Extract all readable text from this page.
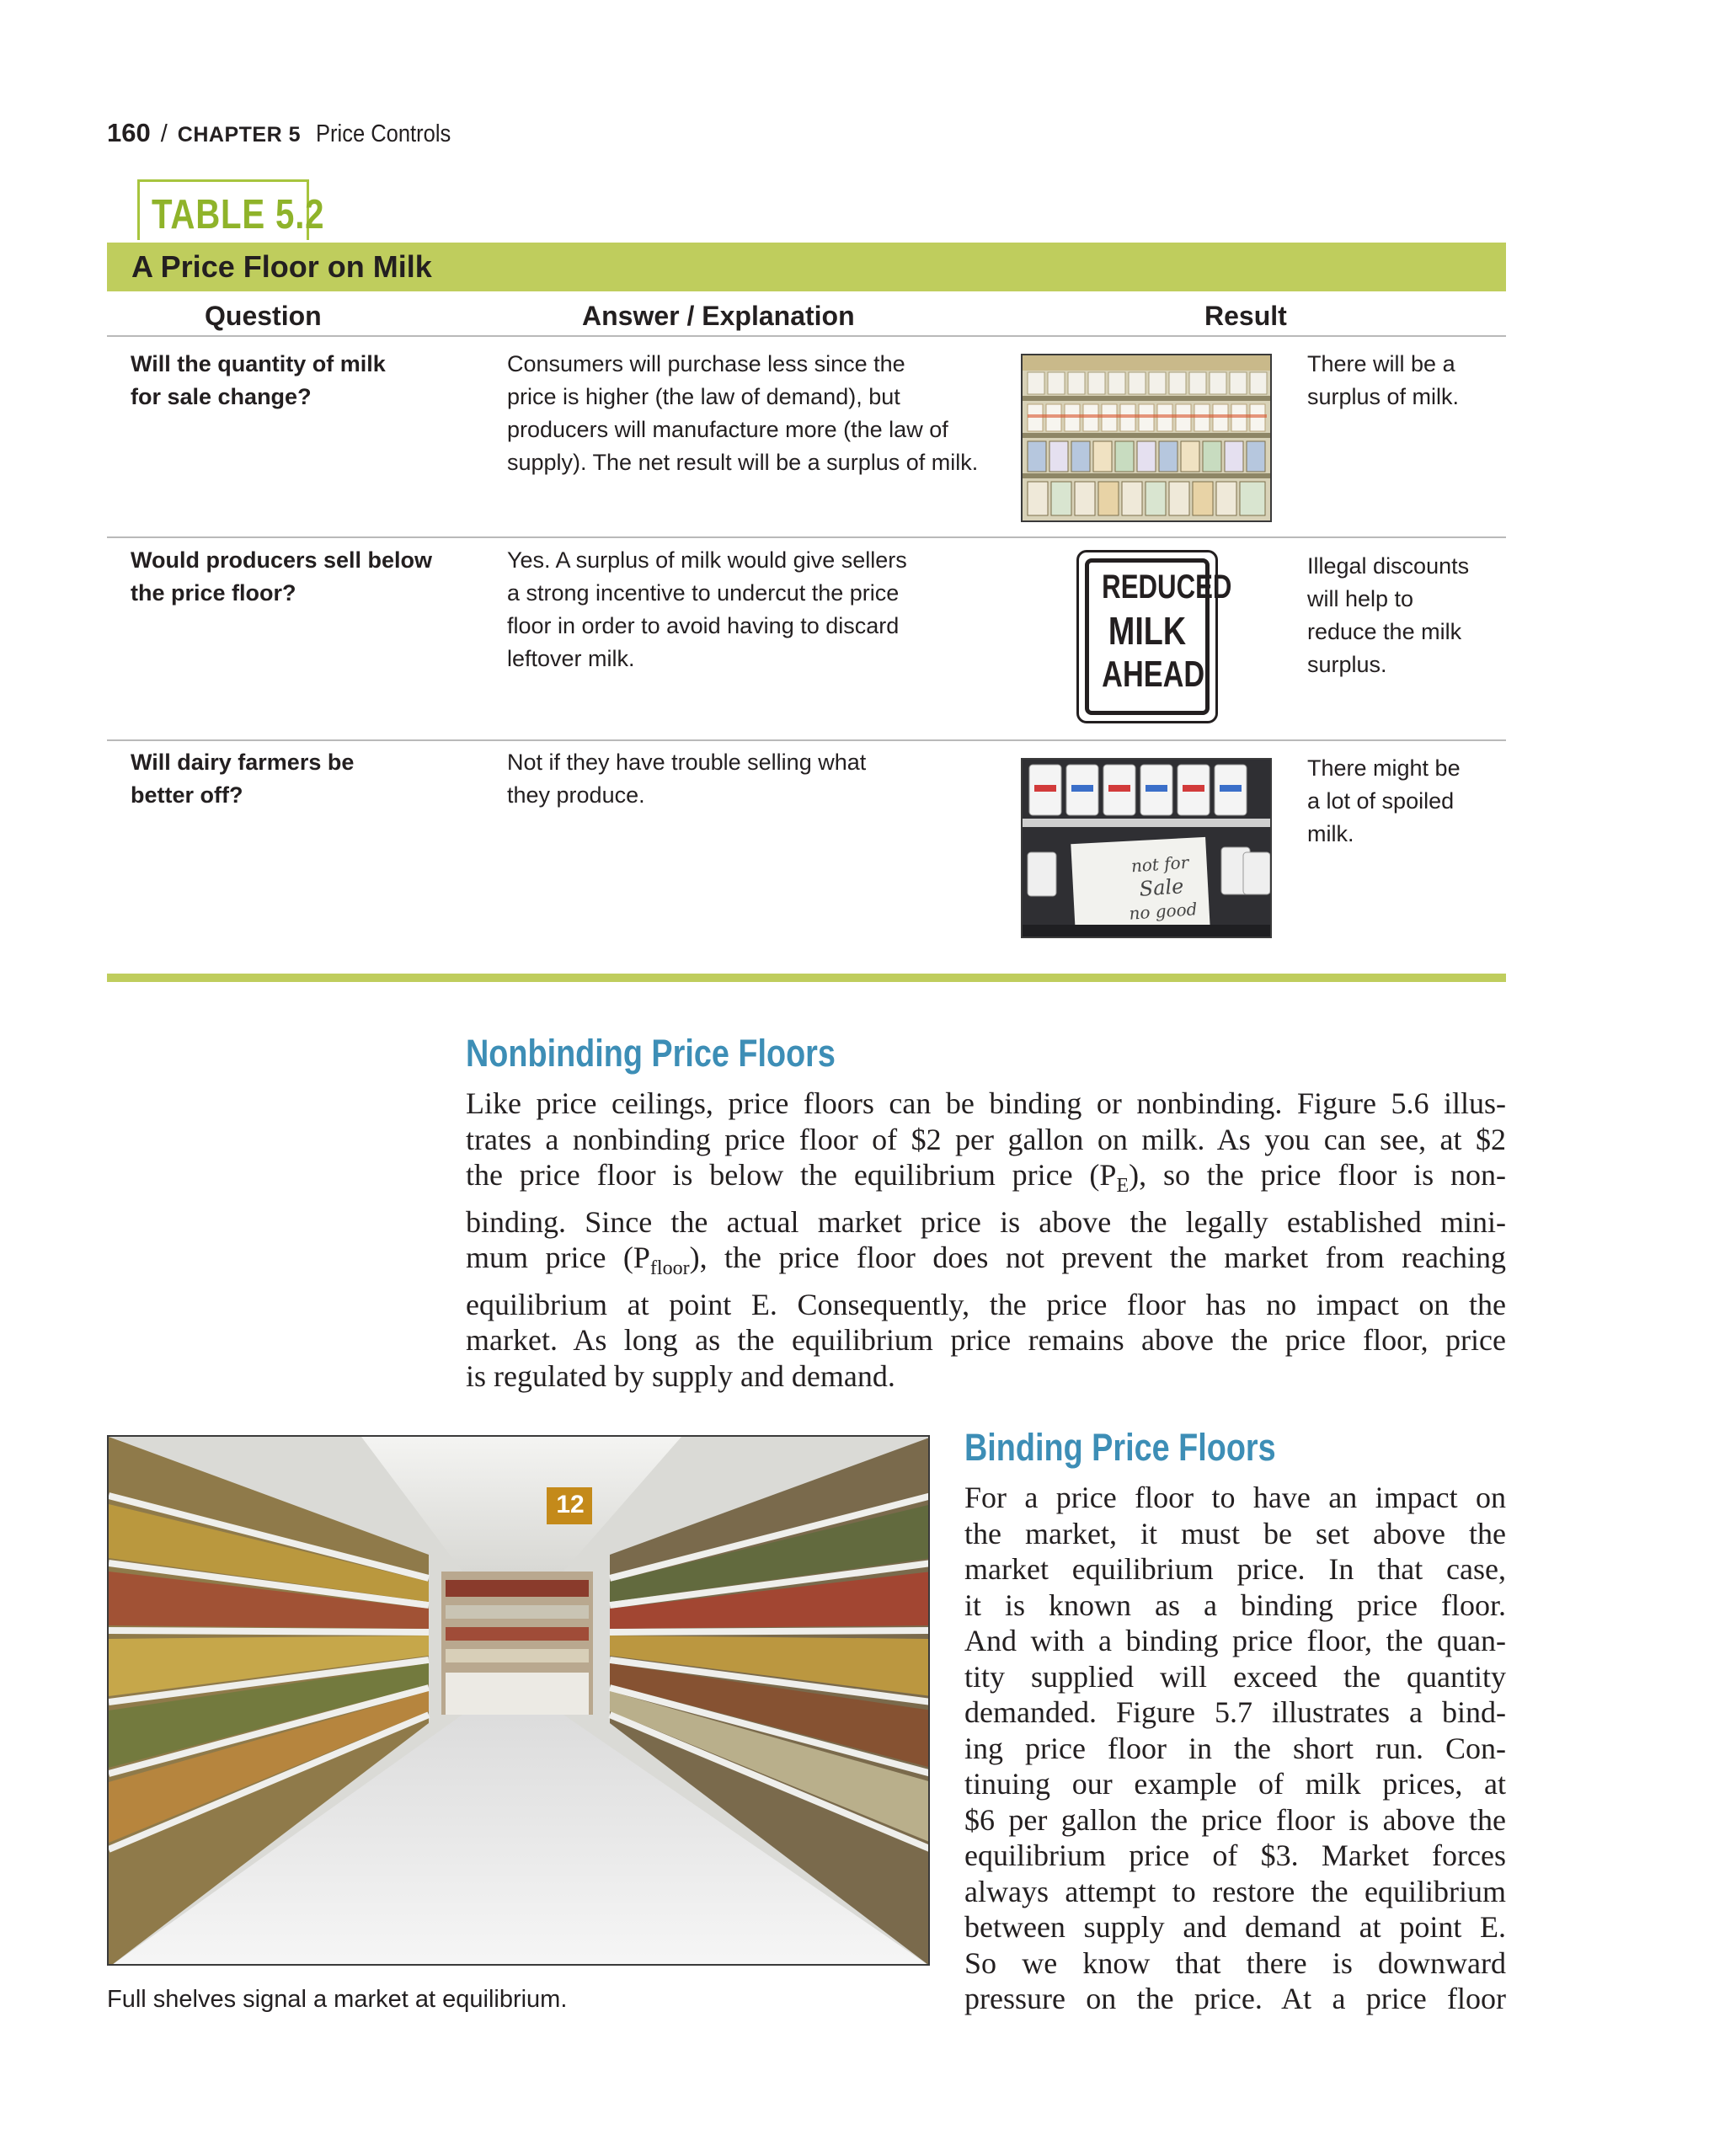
160 / CHAPTER 5 Price Controls
TABLE 5.2
A Price Floor on Milk
Question	Answer / Explanation	Result
Will the quantity of milk
for sale change?
Consumers will purchase less since the
price is higher (the law of demand), but
producers will manufacture more (the law of
supply). The net result will be a surplus of milk.
There will be a
surplus of milk.
Would producers sell below
the price floor?
Yes. A surplus of milk would give sellers
a strong incentive to undercut the price
floor in order to avoid having to discard
leftover milk.
REDUCED
MILK
AHEAD
Illegal discounts
will help to
reduce the milk
surplus.
Will dairy farmers be
better off?
Not if they have trouble selling what
they produce.
not for
Sale
no good
There might be
a lot of spoiled
milk.
Nonbinding Price Floors
Like price ceilings, price floors can be binding or nonbinding. Figure 5.6 illus-
trates a nonbinding price floor of $2 per gallon on milk. As you can see, at $2
the price floor is below the equilibrium price $(P_E)$, so the price floor is non-
binding. Since the actual market price is above the legally established mini-
mum price $(P_{floor})$, the price floor does not prevent the market from reaching
equilibrium at point E. Consequently, the price floor has no impact on the
market. As long as the equilibrium price remains above the price floor, price
is regulated by supply and demand.
12
Full shelves signal a market at equilibrium.
Binding Price Floors
For a price floor to have an impact on
the market, it must be set above the
market equilibrium price. In that case,
it is known as a binding price floor.
And with a binding price floor, the quan-
tity supplied will exceed the quantity
demanded. Figure 5.7 illustrates a bind-
ing price floor in the short run. Con-
tinuing our example of milk prices, at
$6 per gallon the price floor is above the
equilibrium price of $3. Market forces
always attempt to restore the equilibrium
between supply and demand at point E.
So we know that there is downward
pressure on the price. At a price floor
